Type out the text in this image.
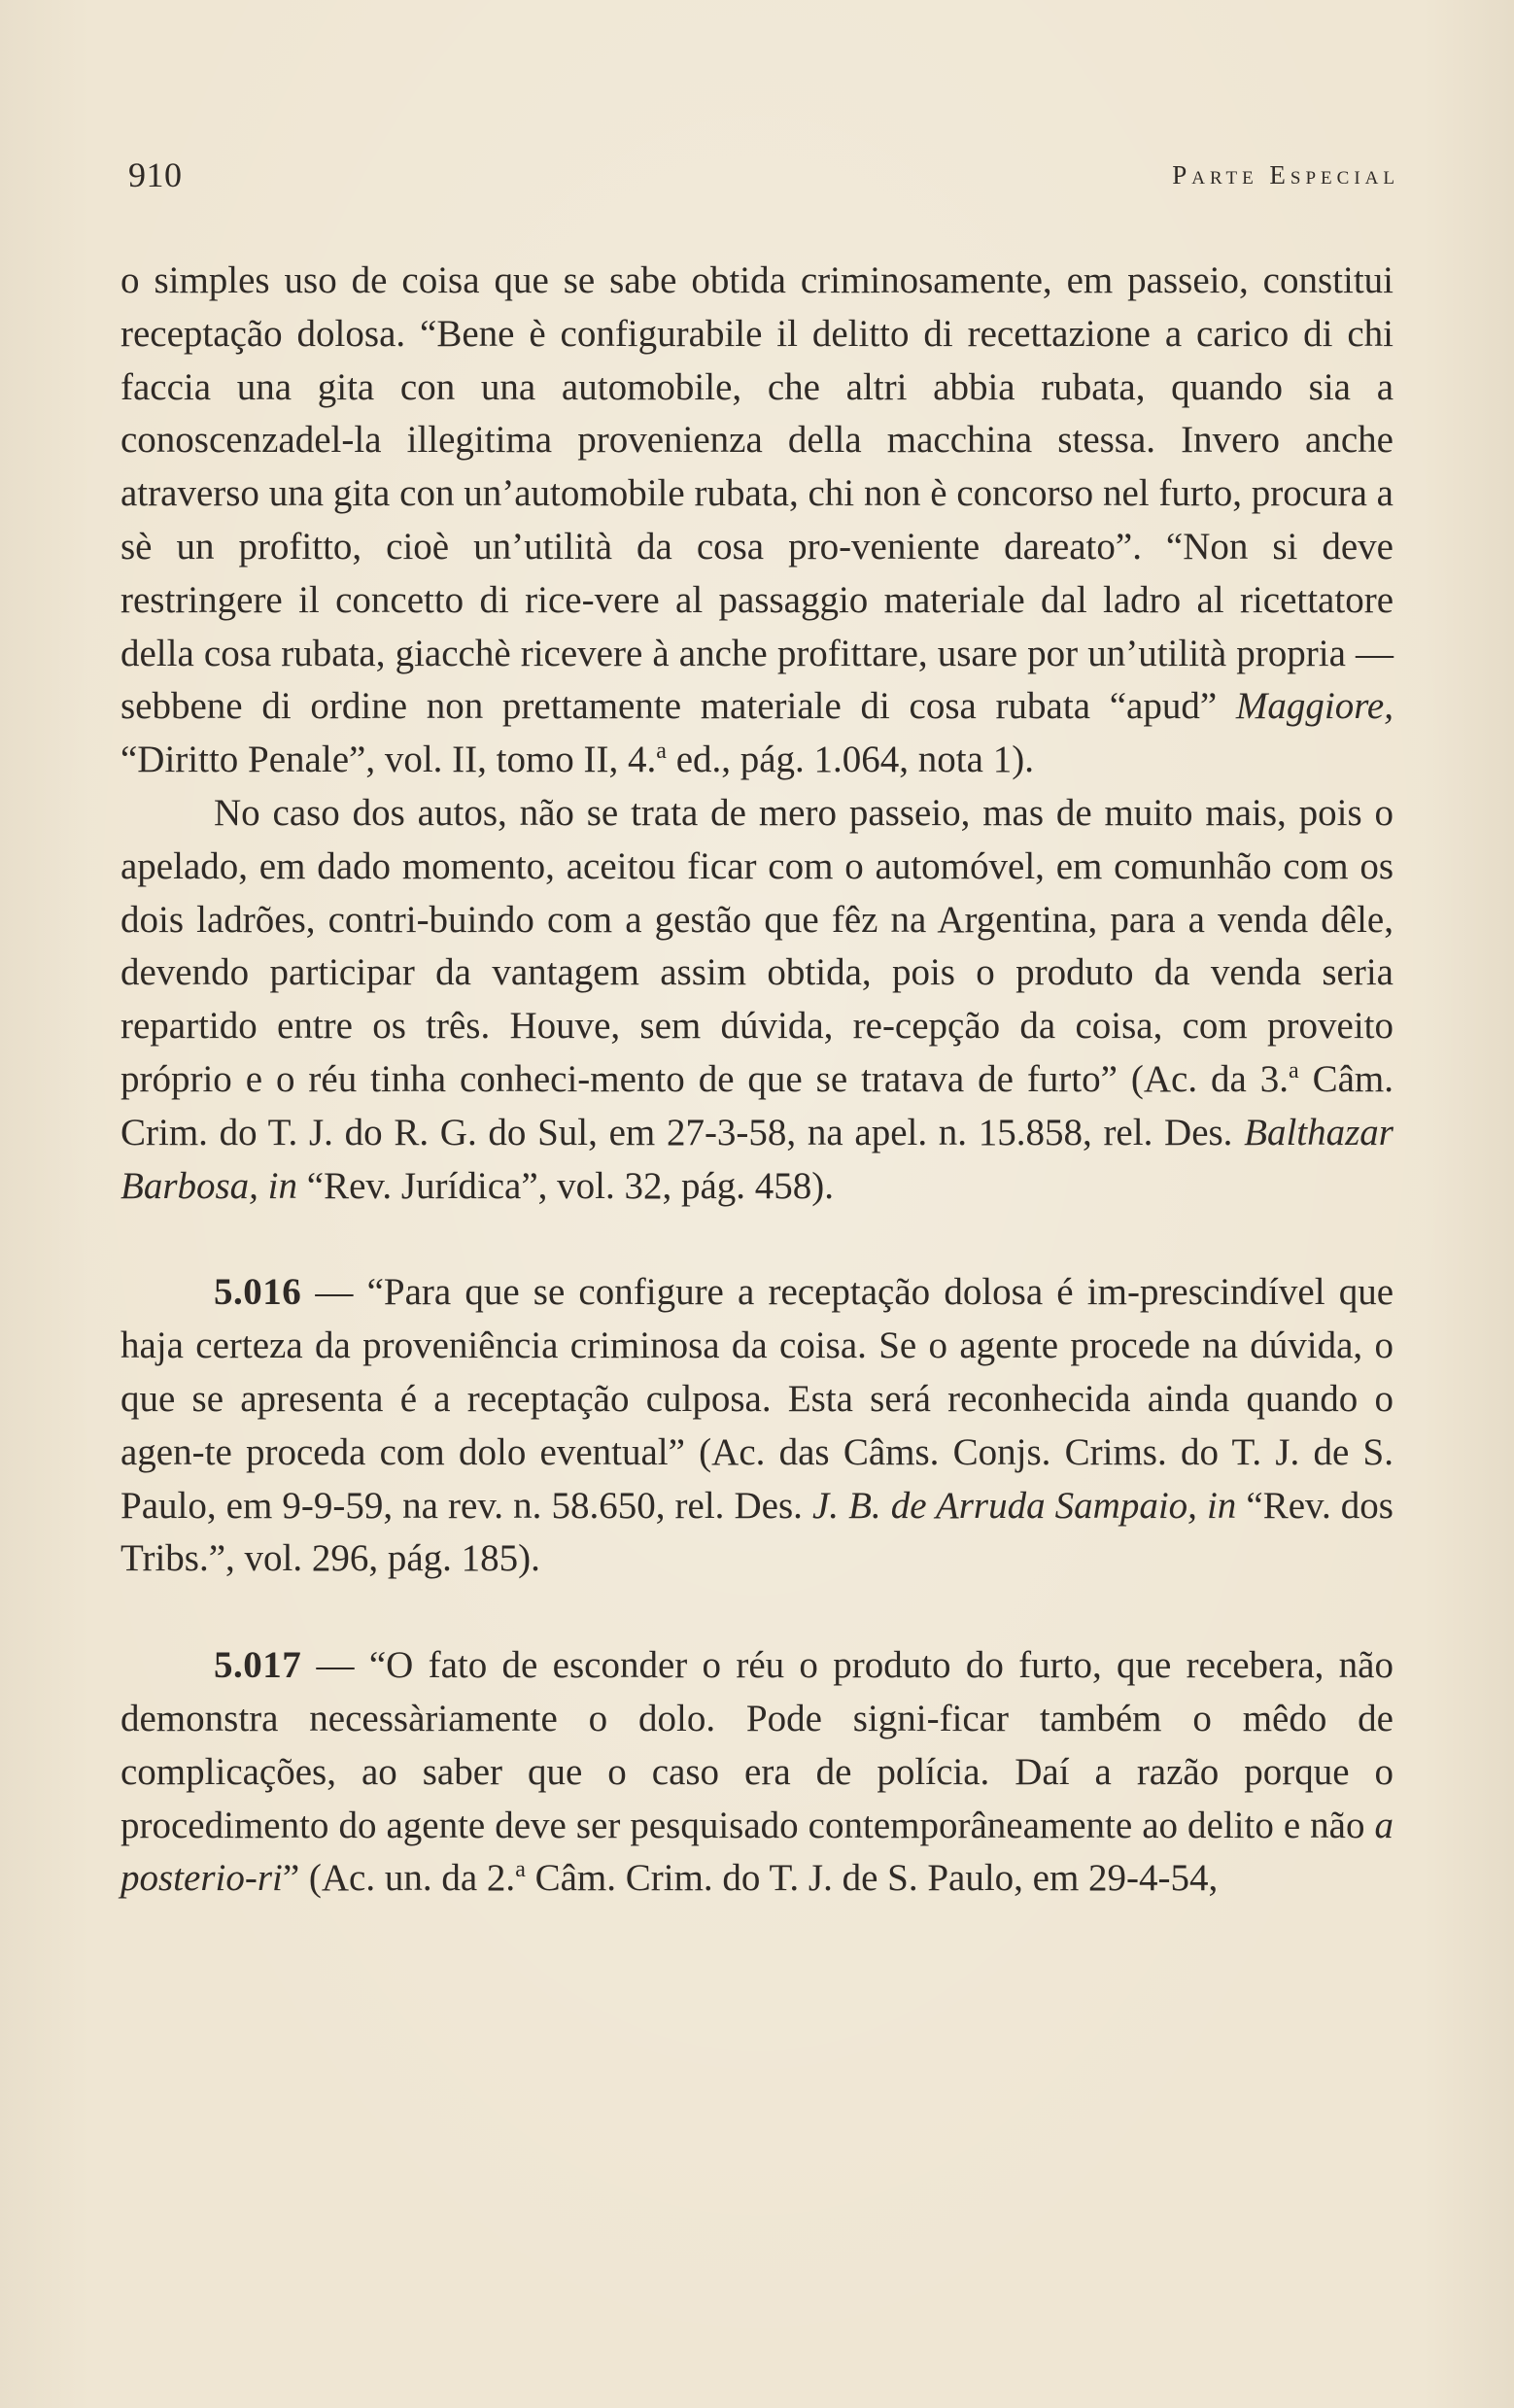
910	Parte Especial

o simples uso de coisa que se sabe obtida criminosamente, em passeio, constitui receptação dolosa. “Bene è configurabile il delitto di recettazione a carico di chi faccia una gita con una automobile, che altri abbia rubata, quando sia a conoscenzadel-la illegitima provenienza della macchina stessa. Invero anche atraverso una gita con un’automobile rubata, chi non è concorso nel furto, procura a sè un profitto, cioè un’utilità da cosa pro-veniente dareato”. “Non si deve restringere il concetto di rice-vere al passaggio materiale dal ladro al ricettatore della cosa rubata, giacchè ricevere à anche profittare, usare por un’utilità propria — sebbene di ordine non prettamente materiale di cosa rubata “apud” Maggiore, “Diritto Penale”, vol. II, tomo II, 4.$^a$ ed., pág. 1.064, nota 1).

No caso dos autos, não se trata de mero passeio, mas de muito mais, pois o apelado, em dado momento, aceitou ficar com o automóvel, em comunhão com os dois ladrões, contri-buindo com a gestão que fêz na Argentina, para a venda dêle, devendo participar da vantagem assim obtida, pois o produto da venda seria repartido entre os três. Houve, sem dúvida, re-cepção da coisa, com proveito próprio e o réu tinha conheci-mento de que se tratava de furto” (Ac. da 3.$^a$ Câm. Crim. do T. J. do R. G. do Sul, em 27-3-58, na apel. n. 15.858, rel. Des. Balthazar Barbosa, in “Rev. Jurídica”, vol. 32, pág. 458).

5.016 — “Para que se configure a receptação dolosa é im-prescindível que haja certeza da proveniência criminosa da coisa. Se o agente procede na dúvida, o que se apresenta é a receptação culposa. Esta será reconhecida ainda quando o agen-te proceda com dolo eventual” (Ac. das Câms. Conjs. Crims. do T. J. de S. Paulo, em 9-9-59, na rev. n. 58.650, rel. Des. J. B. de Arruda Sampaio, in “Rev. dos Tribs.”, vol. 296, pág. 185).

5.017 — “O fato de esconder o réu o produto do furto, que recebera, não demonstra necessàriamente o dolo. Pode signi-ficar também o mêdo de complicações, ao saber que o caso era de polícia. Daí a razão porque o procedimento do agente deve ser pesquisado contemporâneamente ao delito e não a posterio-ri” (Ac. un. da 2.$^a$ Câm. Crim. do T. J. de S. Paulo, em 29-4-54,
